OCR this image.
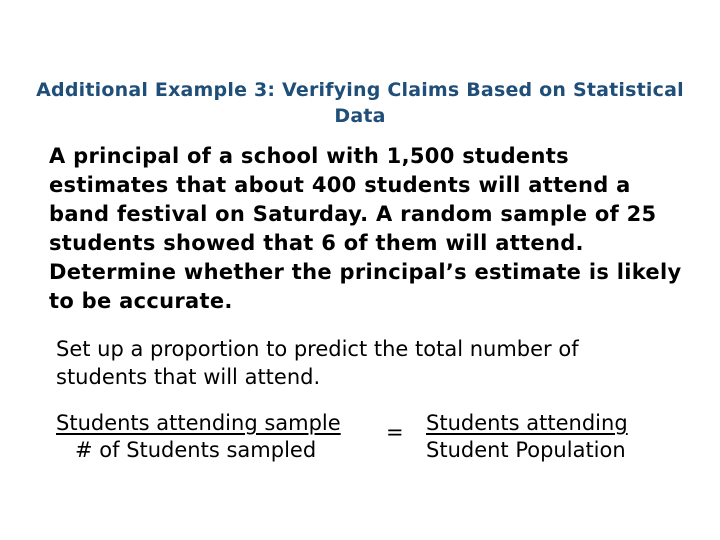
Additional Example 3: Verifying Claims Based on Statistical Data
A principal of a school with 1,500 students estimates that about 400 students will attend a band festival on Saturday. A random sample of 25 students showed that 6 of them will attend. Determine whether the principal’s estimate is likely to be accurate.
Set up a proportion to predict the total number of students that will attend.
Students attending sample
# of Students sampled
= Students attending
Student Population
